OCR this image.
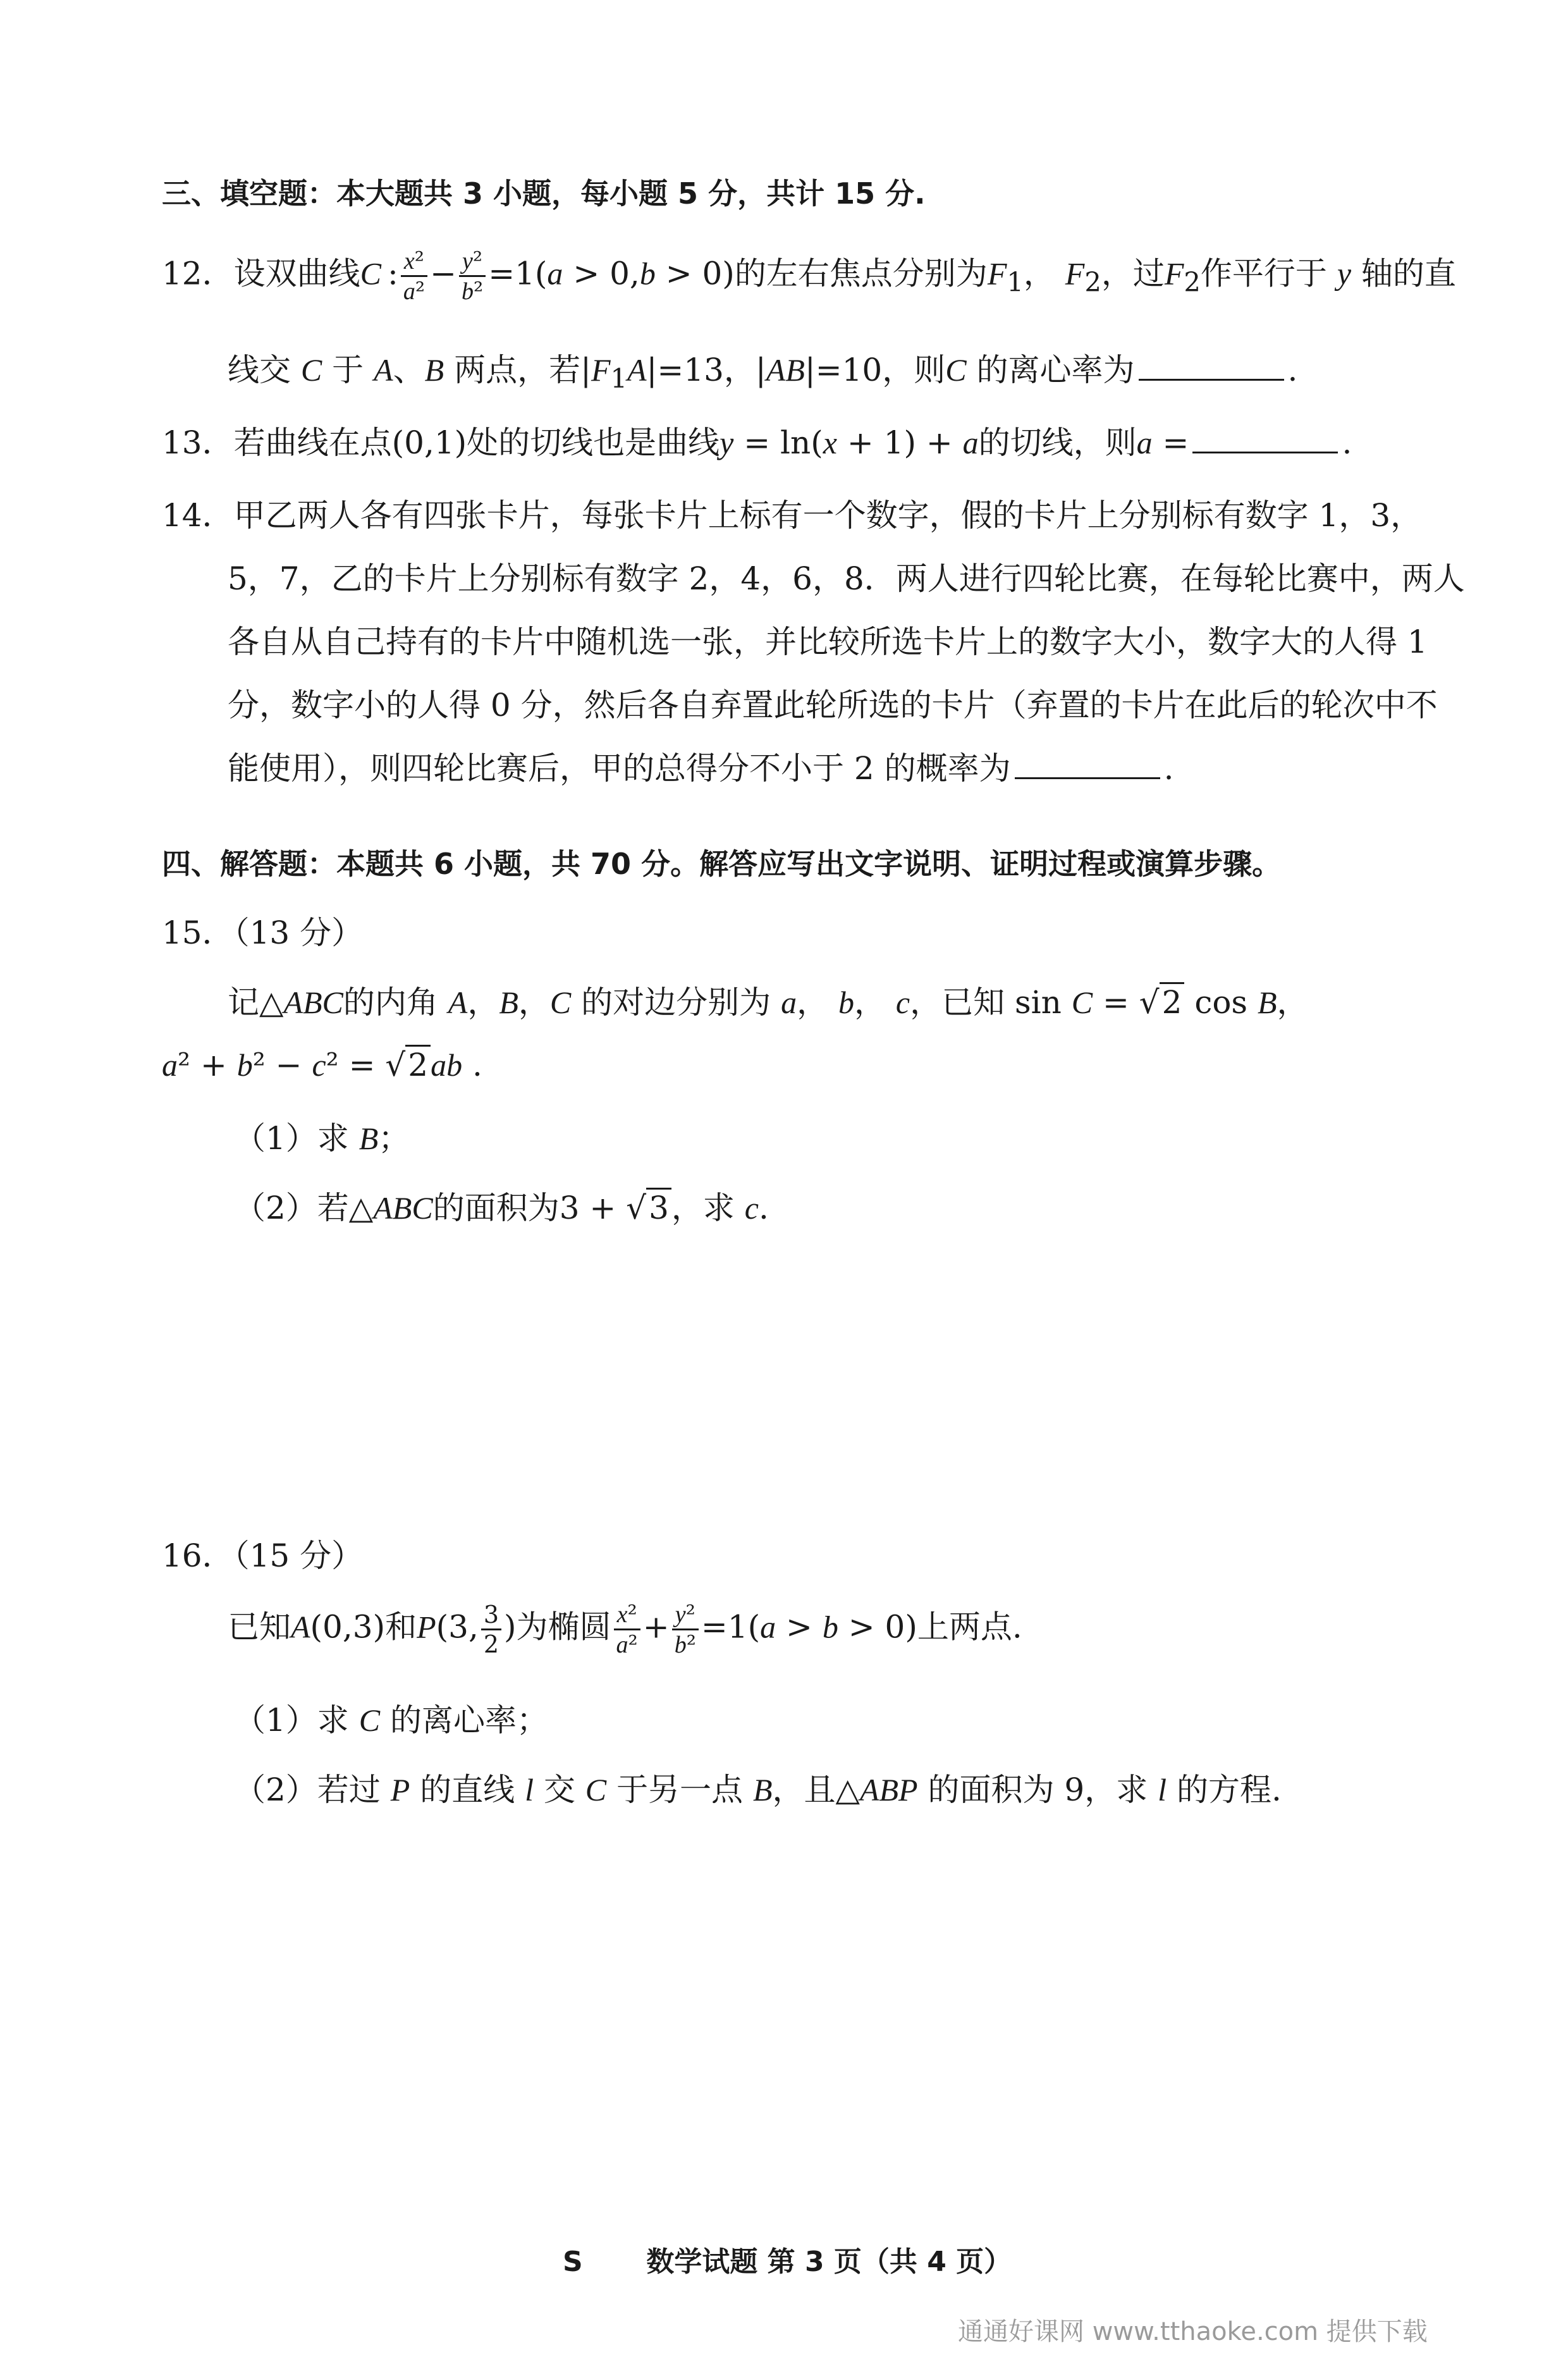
三、填空题：本大题共 3 小题，每小题 5 分，共计 15 分.
12．设双曲线C : $\frac{\text{x²}}{\text{a²}} - \frac{\text{y²}}{\text{b²}} =1(a > 0,b > 0)$的左右焦点分别为$F_1$， $F_2$，过$F_2$作平行于 y 轴的直
线交 C 于 A、B 两点，若$|F_1A|=13$，|AB|=10，则C 的离心率为	.
13．若曲线在点(0,1)处的切线也是曲线y = ln(x + 1) + a的切线，则a =	.
14．甲乙两人各有四张卡片，每张卡片上标有一个数字，假的卡片上分别标有数字 1，3，
5，7，乙的卡片上分别标有数字 2，4，6，8．两人进行四轮比赛，在每轮比赛中，两人
各自从自己持有的卡片中随机选一张，并比较所选卡片上的数字大小，数字大的人得 1
分，数字小的人得 0 分，然后各自弃置此轮所选的卡片（弃置的卡片在此后的轮次中不
能使用），则四轮比赛后，甲的总得分不小于 2 的概率为	.
四、解答题：本题共 6 小题，共 70 分。解答应写出文字说明、证明过程或演算步骤。
15．（13 分）
记△ABC的内角 A，B，C 的对边分别为 a， b， c，已知 sin C = √2 cos B，
a² + b² − c² = √2ab .
（1）求 B；
（2）若△ABC的面积为3 + √3，求 c.
16．（15 分）
已知A(0,3)和P(3, $\frac{3}{2}$ )为椭圆 $\frac{\text{x²}}{\text{a²}} + \frac{\text{y²}}{\text{b²}} =1(a > b > 0)$上两点.
（1）求 C 的离心率；
（2）若过 P 的直线 l 交 C 于另一点 B，且△ABP 的面积为 9，求 l 的方程.
S 数学试题 第 3 页（共 4 页）
通通好课网 www.tthaoke.com 提供下载
